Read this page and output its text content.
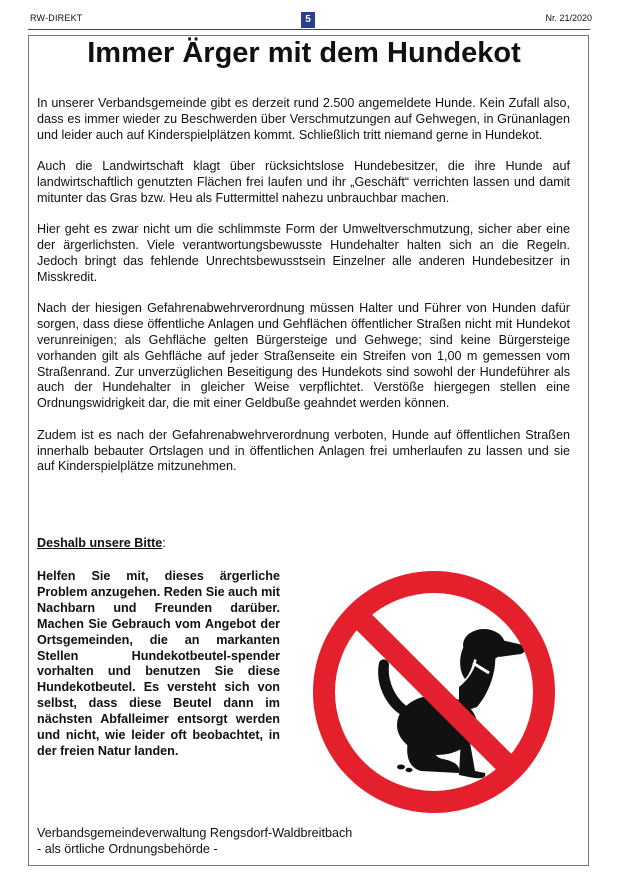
RW-DIREKT	5	Nr. 21/2020
Immer Ärger mit dem Hundekot

In unserer Verbandsgemeinde gibt es derzeit rund 2.500 angemeldete Hunde. Kein Zufall also, dass es immer wieder zu Beschwerden über Verschmutzungen auf Gehwegen, in Grünanlagen und leider auch auf Kinderspielplätzen kommt. Schließlich tritt niemand gerne in Hundekot.

Auch die Landwirtschaft klagt über rücksichtslose Hundebesitzer, die ihre Hunde auf landwirtschaftlich genutzten Flächen frei laufen und ihr „Geschäft“ verrichten lassen und damit mitunter das Gras bzw. Heu als Futtermittel nahezu unbrauchbar machen.

Hier geht es zwar nicht um die schlimmste Form der Umweltverschmutzung, sicher aber eine der ärgerlichsten. Viele verantwortungsbewusste Hundehalter halten sich an die Regeln. Jedoch bringt das fehlende Unrechtsbewusstsein Einzelner alle anderen Hundebesitzer in Misskredit.

Nach der hiesigen Gefahrenabwehrverordnung müssen Halter und Führer von Hunden dafür sorgen, dass diese öffentliche Anlagen und Gehflächen öffentlicher Straßen nicht mit Hundekot verunreinigen; als Gehfläche gelten Bürgersteige und Gehwege; sind keine Bürgersteige vorhanden gilt als Gehfläche auf jeder Straßenseite ein Streifen von 1,00 m gemessen vom Straßenrand. Zur unverzüglichen Beseitigung des Hundekots sind sowohl der Hundeführer als auch der Hundehalter in gleicher Weise verpflichtet. Verstöße hiergegen stellen eine Ordnungswidrigkeit dar, die mit einer Geldbuße geahndet werden können.

Zudem ist es nach der Gefahrenabwehrverordnung verboten, Hunde auf öffentlichen Straßen innerhalb bebauter Ortslagen und in öffentlichen Anlagen frei umherlaufen zu lassen und sie auf Kinderspielplätze mitzunehmen.

Deshalb unsere Bitte:
Helfen Sie mit, dieses ärgerliche Problem anzugehen. Reden Sie auch mit Nachbarn und Freunden darüber. Machen Sie Gebrauch vom Angebot der Ortsgemeinden, die an markanten Stellen Hundekotbeutel-spender vorhalten und benutzen Sie diese Hundekotbeutel. Es versteht sich von selbst, dass diese Beutel dann im nächsten Abfalleimer entsorgt werden und nicht, wie leider oft beobachtet, in der freien Natur landen.
Verbandsgemeindeverwaltung Rengsdorf-Waldbreitbach
- als örtliche Ordnungsbehörde -
